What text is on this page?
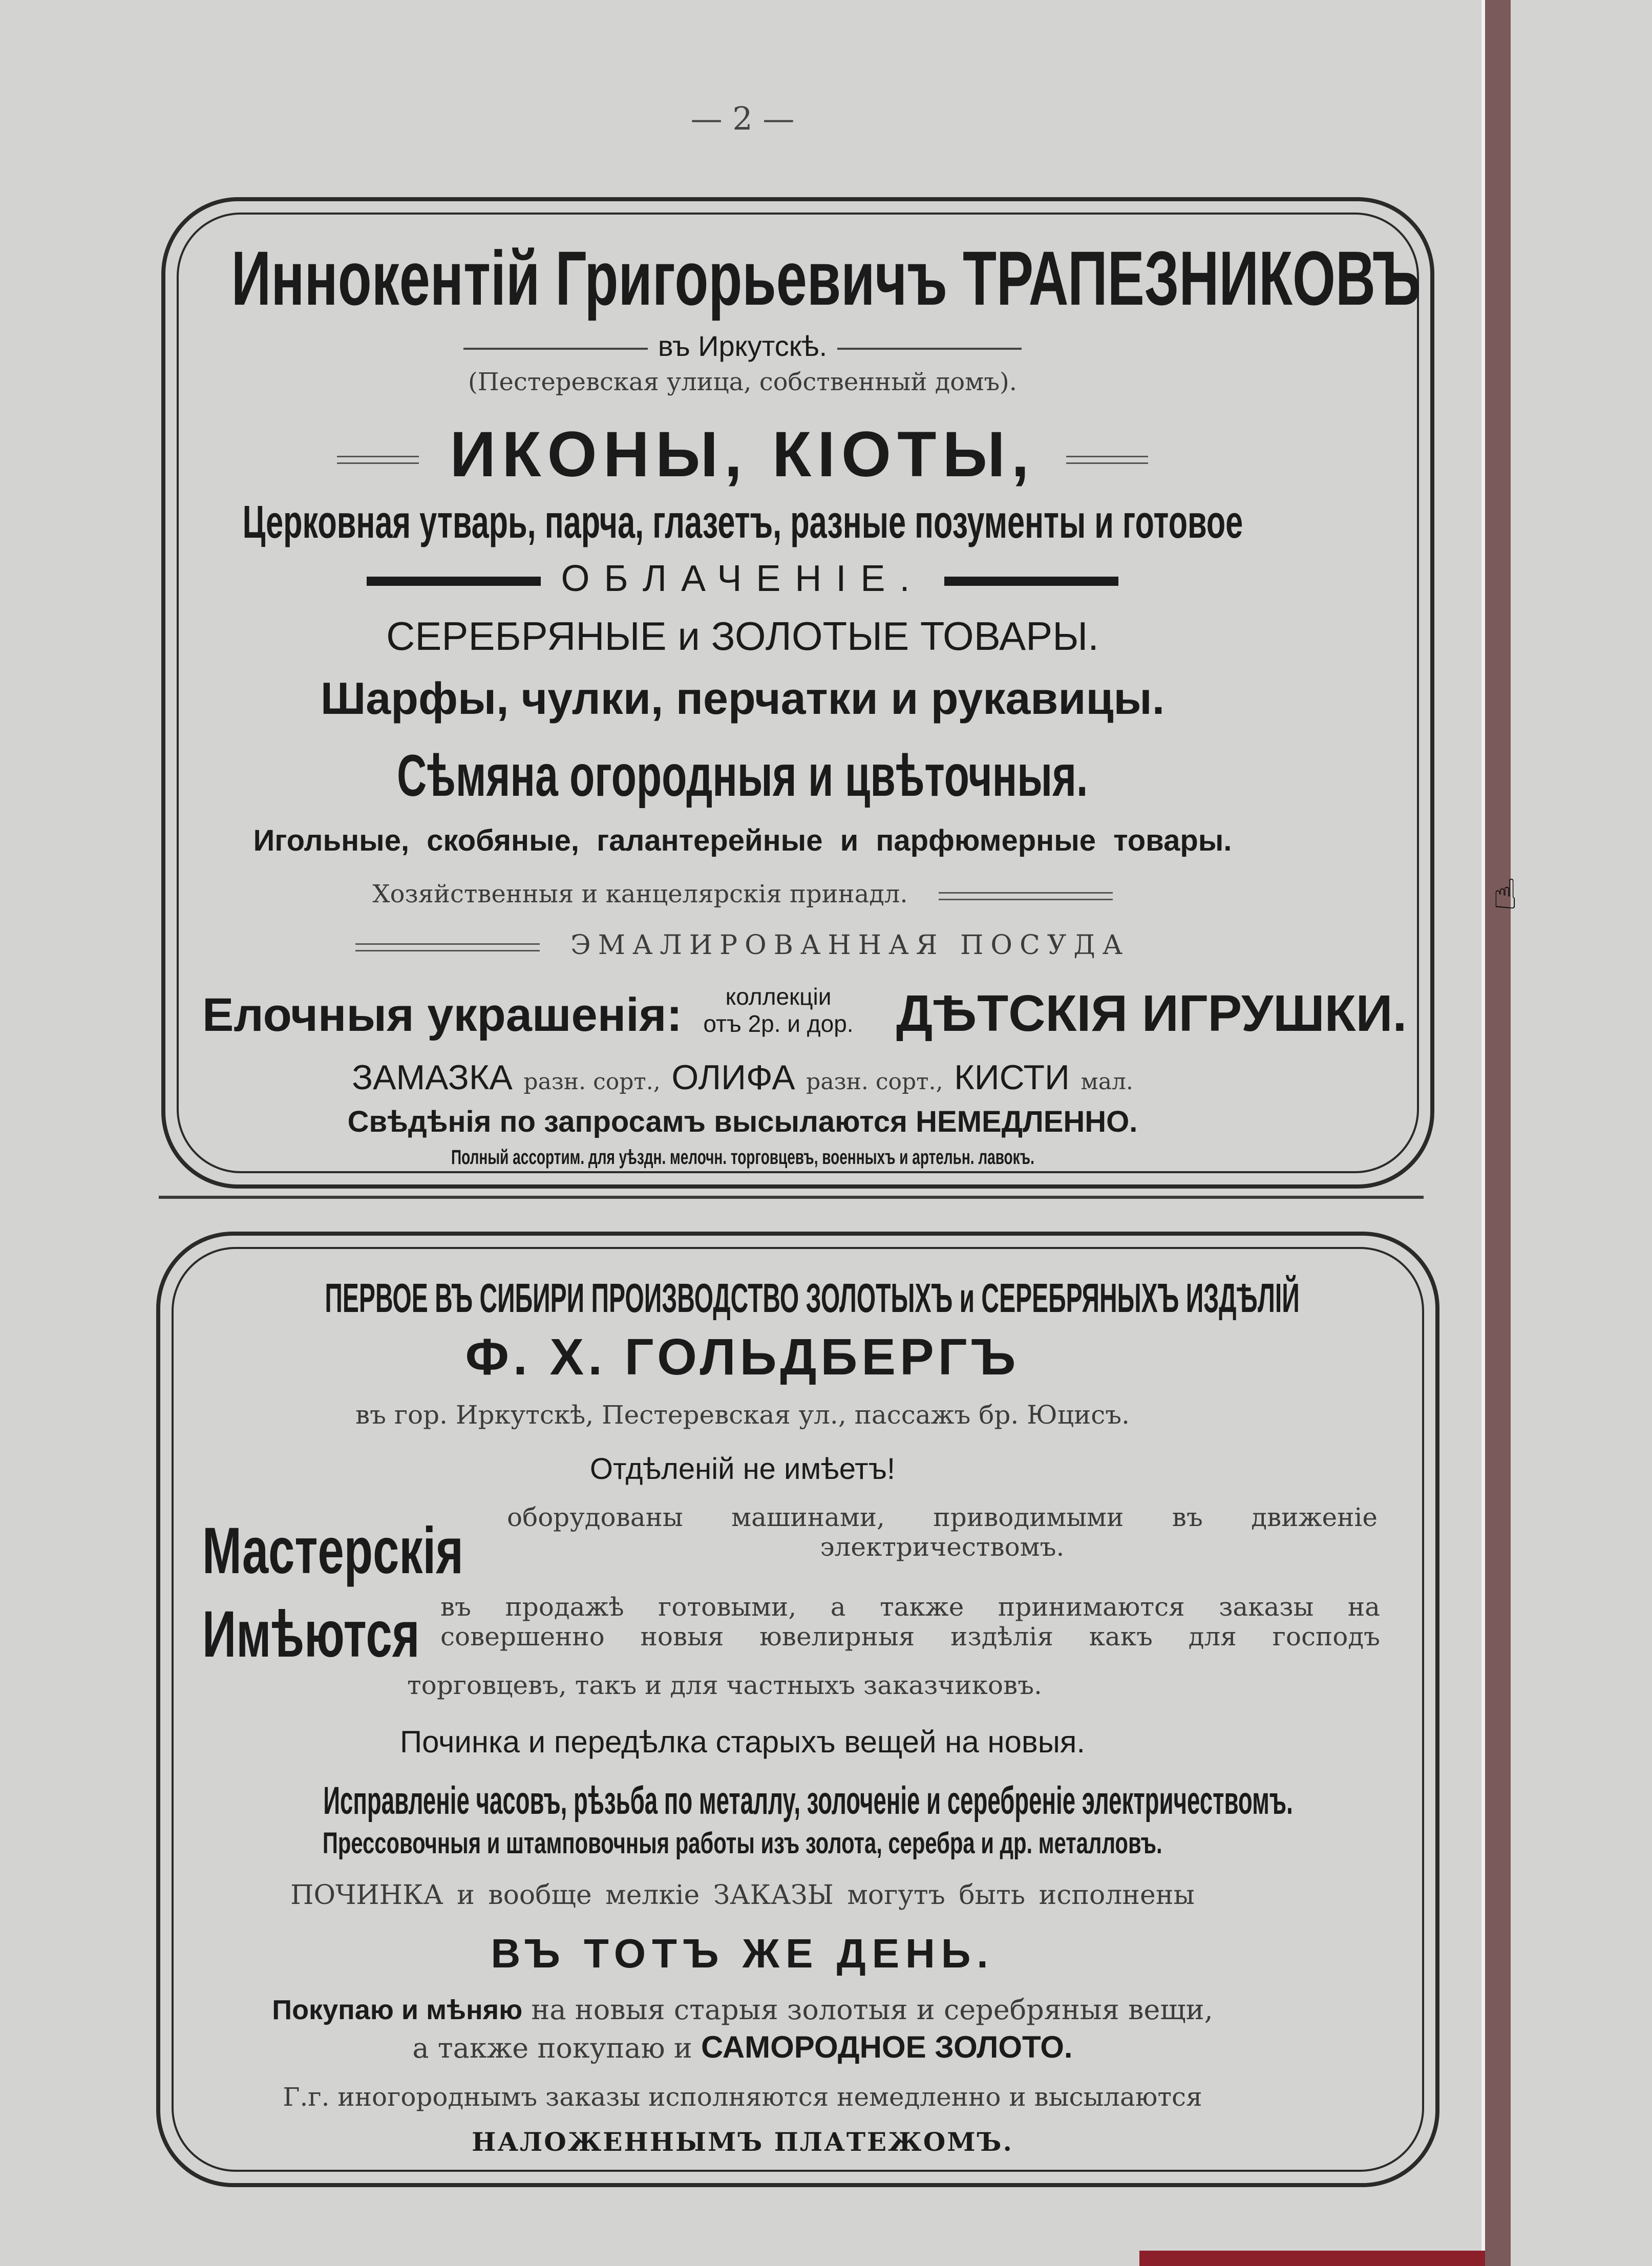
☝
— 2 —
Иннокентій Григорьевичъ ТРАПЕЗНИКОВЪ
въ Иркутскѣ.
(Пестеревская улица, собственный домъ).
ИКОНЫ, КІОТЫ,
Церковная утварь, парча, глазетъ, разные позументы и готовое
ОБЛАЧЕНІЕ.
СЕРЕБРЯНЫЕ и ЗОЛОТЫЕ ТОВАРЫ.
Шарфы, чулки, перчатки и рукавицы.
Сѣмяна огородныя и цвѣточныя.
Игольные, скобяные, галантерейные и парфюмерные товары.
Хозяйственныя и канцелярскія принадл.
ЭМАЛИРОВАННАЯ ПОСУДА
Елочныя украшенія:	коллекціи
отъ 2р. и дор. ДѢТСКІЯ ИГРУШКИ.
ЗАМАЗКА разн. сорт., ОЛИФА разн. сорт., КИСТИ мал.
Свѣдѣнія по запросамъ высылаются НЕМЕДЛЕННО.
Полный ассортим. для уѣздн. мелочн. торговцевъ, военныхъ и артельн. лавокъ.
ПЕРВОЕ ВЪ СИБИРИ ПРОИЗВОДСТВО ЗОЛОТЫХЪ и СЕРЕБРЯНЫХЪ ИЗДѢЛІЙ
Ф. Х. ГОЛЬДБЕРГЪ
въ гор. Иркутскѣ, Пестеревская ул., пассажъ бр. Юцисъ.
Отдѣленій не имѣетъ!
Мастерскія	оборудованы машинами, приводимыми въ движеніе
электричествомъ.
Имѣются въ продажѣ готовыми, а также принимаются заказы на
совершенно новыя ювелирныя издѣлія какъ для господъ
торговцевъ, такъ и для частныхъ заказчиковъ.
Починка и передѣлка старыхъ вещей на новыя.
Исправленіе часовъ, рѣзьба по металлу, золоченіе и серебреніе электричествомъ.
Прессовочныя и штамповочныя работы изъ золота, серебра и др. металловъ.
ПОЧИНКА и вообще мелкіе ЗАКАЗЫ могутъ быть исполнены
ВЪ ТОТЪ ЖЕ ДЕНЬ.
Покупаю и мѣняю на новыя старыя золотыя и серебряныя вещи,
а также покупаю и САМОРОДНОЕ ЗОЛОТО.
Г.г. иногороднымъ заказы исполняются немедленно и высылаются
НАЛОЖЕННЫМЪ ПЛАТЕЖОМЪ.
